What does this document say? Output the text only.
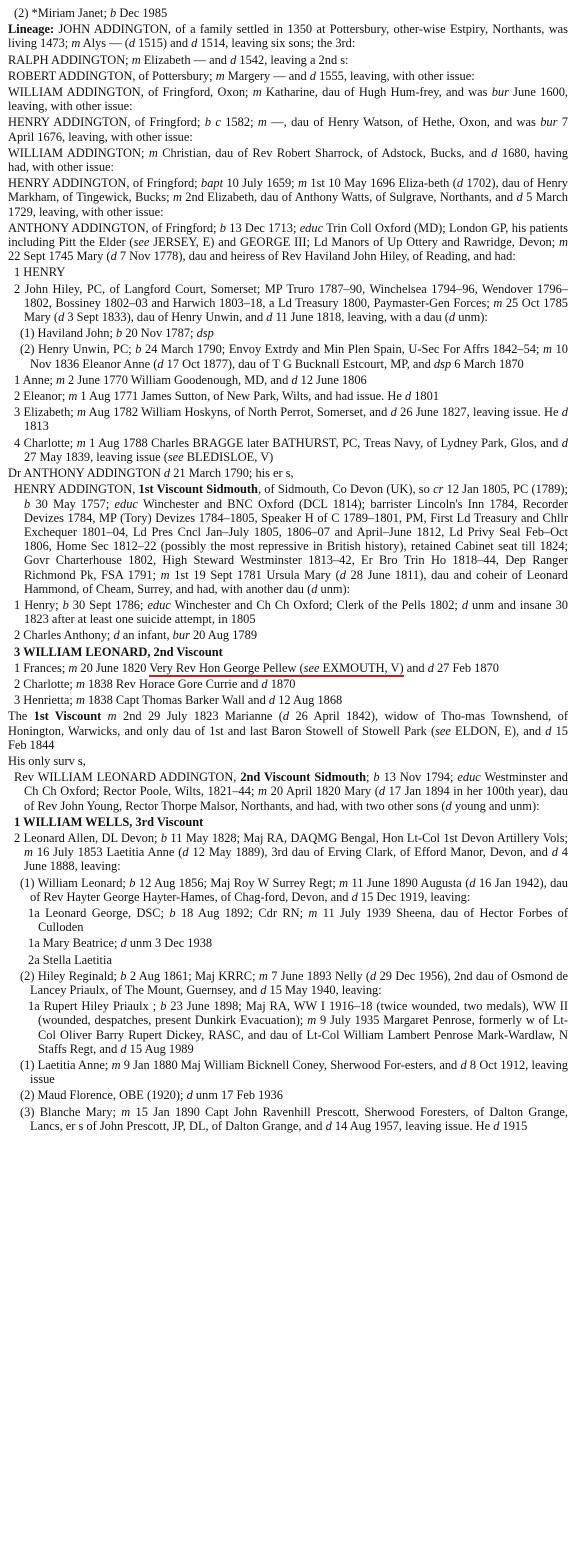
(2) *Miriam Janet; b Dec 1985

Lineage: JOHN ADDINGTON, of a family settled in 1350 at Pottersbury, other-wise Estpiry, Northants, was living 1473; m Alys — (d 1515) and d 1514, leaving six sons; the 3rd:

RALPH ADDINGTON; m Elizabeth — and d 1542, leaving a 2nd s:

ROBERT ADDINGTON, of Pottersbury; m Margery — and d 1555, leaving, with other issue:

WILLIAM ADDINGTON, of Fringford, Oxon; m Katharine, dau of Hugh Hum-frey, and was bur June 1600, leaving, with other issue:

HENRY ADDINGTON, of Fringford; b c 1582; m —, dau of Henry Watson, of Hethe, Oxon, and was bur 7 April 1676, leaving, with other issue:

WILLIAM ADDINGTON; m Christian, dau of Rev Robert Sharrock, of Adstock, Bucks, and d 1680, having had, with other issue:

HENRY ADDINGTON, of Fringford; bapt 10 July 1659; m 1st 10 May 1696 Eliza-beth (d 1702), dau of Henry Markham, of Tingewick, Bucks; m 2nd Elizabeth, dau of Anthony Watts, of Sulgrave, Northants, and d 5 March 1729, leaving, with other issue:

ANTHONY ADDINGTON, of Fringford; b 13 Dec 1713; educ Trin Coll Oxford (MD); London GP, his patients including Pitt the Elder (see JERSEY, E) and GEORGE III; Ld Manors of Up Ottery and Rawridge, Devon; m 22 Sept 1745 Mary (d 7 Nov 1778), dau and heiress of Rev Haviland John Hiley, of Reading, and had:

1 HENRY

2 John Hiley, PC, of Langford Court, Somerset; MP Truro 1787–90, Winchelsea 1794–96, Wendover 1796–1802, Bossiney 1802–03 and Harwich 1803–18, a Ld Treasury 1800, Paymaster-Gen Forces; m 25 Oct 1785 Mary (d 3 Sept 1833), dau of Henry Unwin, and d 11 June 1818, leaving, with a dau (d unm):

(1) Haviland John; b 20 Nov 1787; dsp

(2) Henry Unwin, PC; b 24 March 1790; Envoy Extrdy and Min Plen Spain, U-Sec For Affrs 1842–54; m 10 Nov 1836 Eleanor Anne (d 17 Oct 1877), dau of T G Bucknall Estcourt, MP, and dsp 6 March 1870

1 Anne; m 2 June 1770 William Goodenough, MD, and d 12 June 1806

2 Eleanor; m 1 Aug 1771 James Sutton, of New Park, Wilts, and had issue. He d 1801

3 Elizabeth; m Aug 1782 William Hoskyns, of North Perrot, Somerset, and d 26 June 1827, leaving issue. He d 1813

4 Charlotte; m 1 Aug 1788 Charles BRAGGE later BATHURST, PC, Treas Navy, of Lydney Park, Glos, and d 27 May 1839, leaving issue (see BLEDISLOE, V)

Dr ANTHONY ADDINGTON d 21 March 1790; his er s,

HENRY ADDINGTON, 1st Viscount Sidmouth, of Sidmouth, Co Devon (UK), so cr 12 Jan 1805, PC (1789); b 30 May 1757; educ Winchester and BNC Oxford (DCL 1814); barrister Lincoln's Inn 1784, Recorder Devizes 1784, MP (Tory) Devizes 1784–1805, Speaker H of C 1789–1801, PM, First Ld Treasury and Chllr Exchequer 1801–04, Ld Pres Cncl Jan–July 1805, 1806–07 and April–June 1812, Ld Privy Seal Feb–Oct 1806, Home Sec 1812–22 (possibly the most repressive in British history), retained Cabinet seat till 1824; Govr Charterhouse 1802, High Steward Westminster 1813–42, Er Bro Trin Ho 1818–44, Dep Ranger Richmond Pk, FSA 1791; m 1st 19 Sept 1781 Ursula Mary (d 28 June 1811), dau and coheir of Leonard Hammond, of Cheam, Surrey, and had, with another dau (d unm):

1 Henry; b 30 Sept 1786; educ Winchester and Ch Ch Oxford; Clerk of the Pells 1802; d unm and insane 30 1823 after at least one suicide attempt, in 1805

2 Charles Anthony; d an infant, bur 20 Aug 1789

3 WILLIAM LEONARD, 2nd Viscount

1 Frances; m 20 June 1820 Very Rev Hon George Pellew (see EXMOUTH, V) and d 27 Feb 1870

2 Charlotte; m 1838 Rev Horace Gore Currie and d 1870

3 Henrietta; m 1838 Capt Thomas Barker Wall and d 12 Aug 1868

The 1st Viscount m 2nd 29 July 1823 Marianne (d 26 April 1842), widow of Tho-mas Townshend, of Honington, Warwicks, and only dau of 1st and last Baron Stowell of Stowell Park (see ELDON, E), and d 15 Feb 1844

His only surv s,

Rev WILLIAM LEONARD ADDINGTON, 2nd Viscount Sidmouth; b 13 Nov 1794; educ Westminster and Ch Ch Oxford; Rector Poole, Wilts, 1821–44; m 20 April 1820 Mary (d 17 Jan 1894 in her 100th year), dau of Rev John Young, Rector Thorpe Malsor, Northants, and had, with two other sons (d young and unm):

1 WILLIAM WELLS, 3rd Viscount

2 Leonard Allen, DL Devon; b 11 May 1828; Maj RA, DAQMG Bengal, Hon Lt-Col 1st Devon Artillery Vols; m 16 July 1853 Laetitia Anne (d 12 May 1889), 3rd dau of Erving Clark, of Efford Manor, Devon, and d 4 June 1888, leaving:

(1) William Leonard; b 12 Aug 1856; Maj Roy W Surrey Regt; m 11 June 1890 Augusta (d 16 Jan 1942), dau of Rev Hayter George Hayter-Hames, of Chag-ford, Devon, and d 15 Dec 1919, leaving:

1a Leonard George, DSC; b 18 Aug 1892; Cdr RN; m 11 July 1939 Sheena, dau of Hector Forbes of Culloden

1a Mary Beatrice; d unm 3 Dec 1938

2a Stella Laetitia

(2) Hiley Reginald; b 2 Aug 1861; Maj KRRC; m 7 June 1893 Nelly (d 29 Dec 1956), 2nd dau of Osmond de Lancey Priaulx, of The Mount, Guernsey, and d 15 May 1940, leaving:

1a Rupert Hiley Priaulx ; b 23 June 1898; Maj RA, WW I 1916–18 (twice wounded, two medals), WW II (wounded, despatches, present Dunkirk Evacuation); m 9 July 1935 Margaret Penrose, formerly w of Lt-Col Oliver Barry Rupert Dickey, RASC, and dau of Lt-Col William Lambert Penrose Mark-Wardlaw, N Staffs Regt, and d 15 Aug 1989

(1) Laetitia Anne; m 9 Jan 1880 Maj William Bicknell Coney, Sherwood For-esters, and d 8 Oct 1912, leaving issue

(2) Maud Florence, OBE (1920); d unm 17 Feb 1936

(3) Blanche Mary; m 15 Jan 1890 Capt John Ravenhill Prescott, Sherwood Foresters, of Dalton Grange, Lancs, er s of John Prescott, JP, DL, of Dalton Grange, and d 14 Aug 1957, leaving issue. He d 1915
